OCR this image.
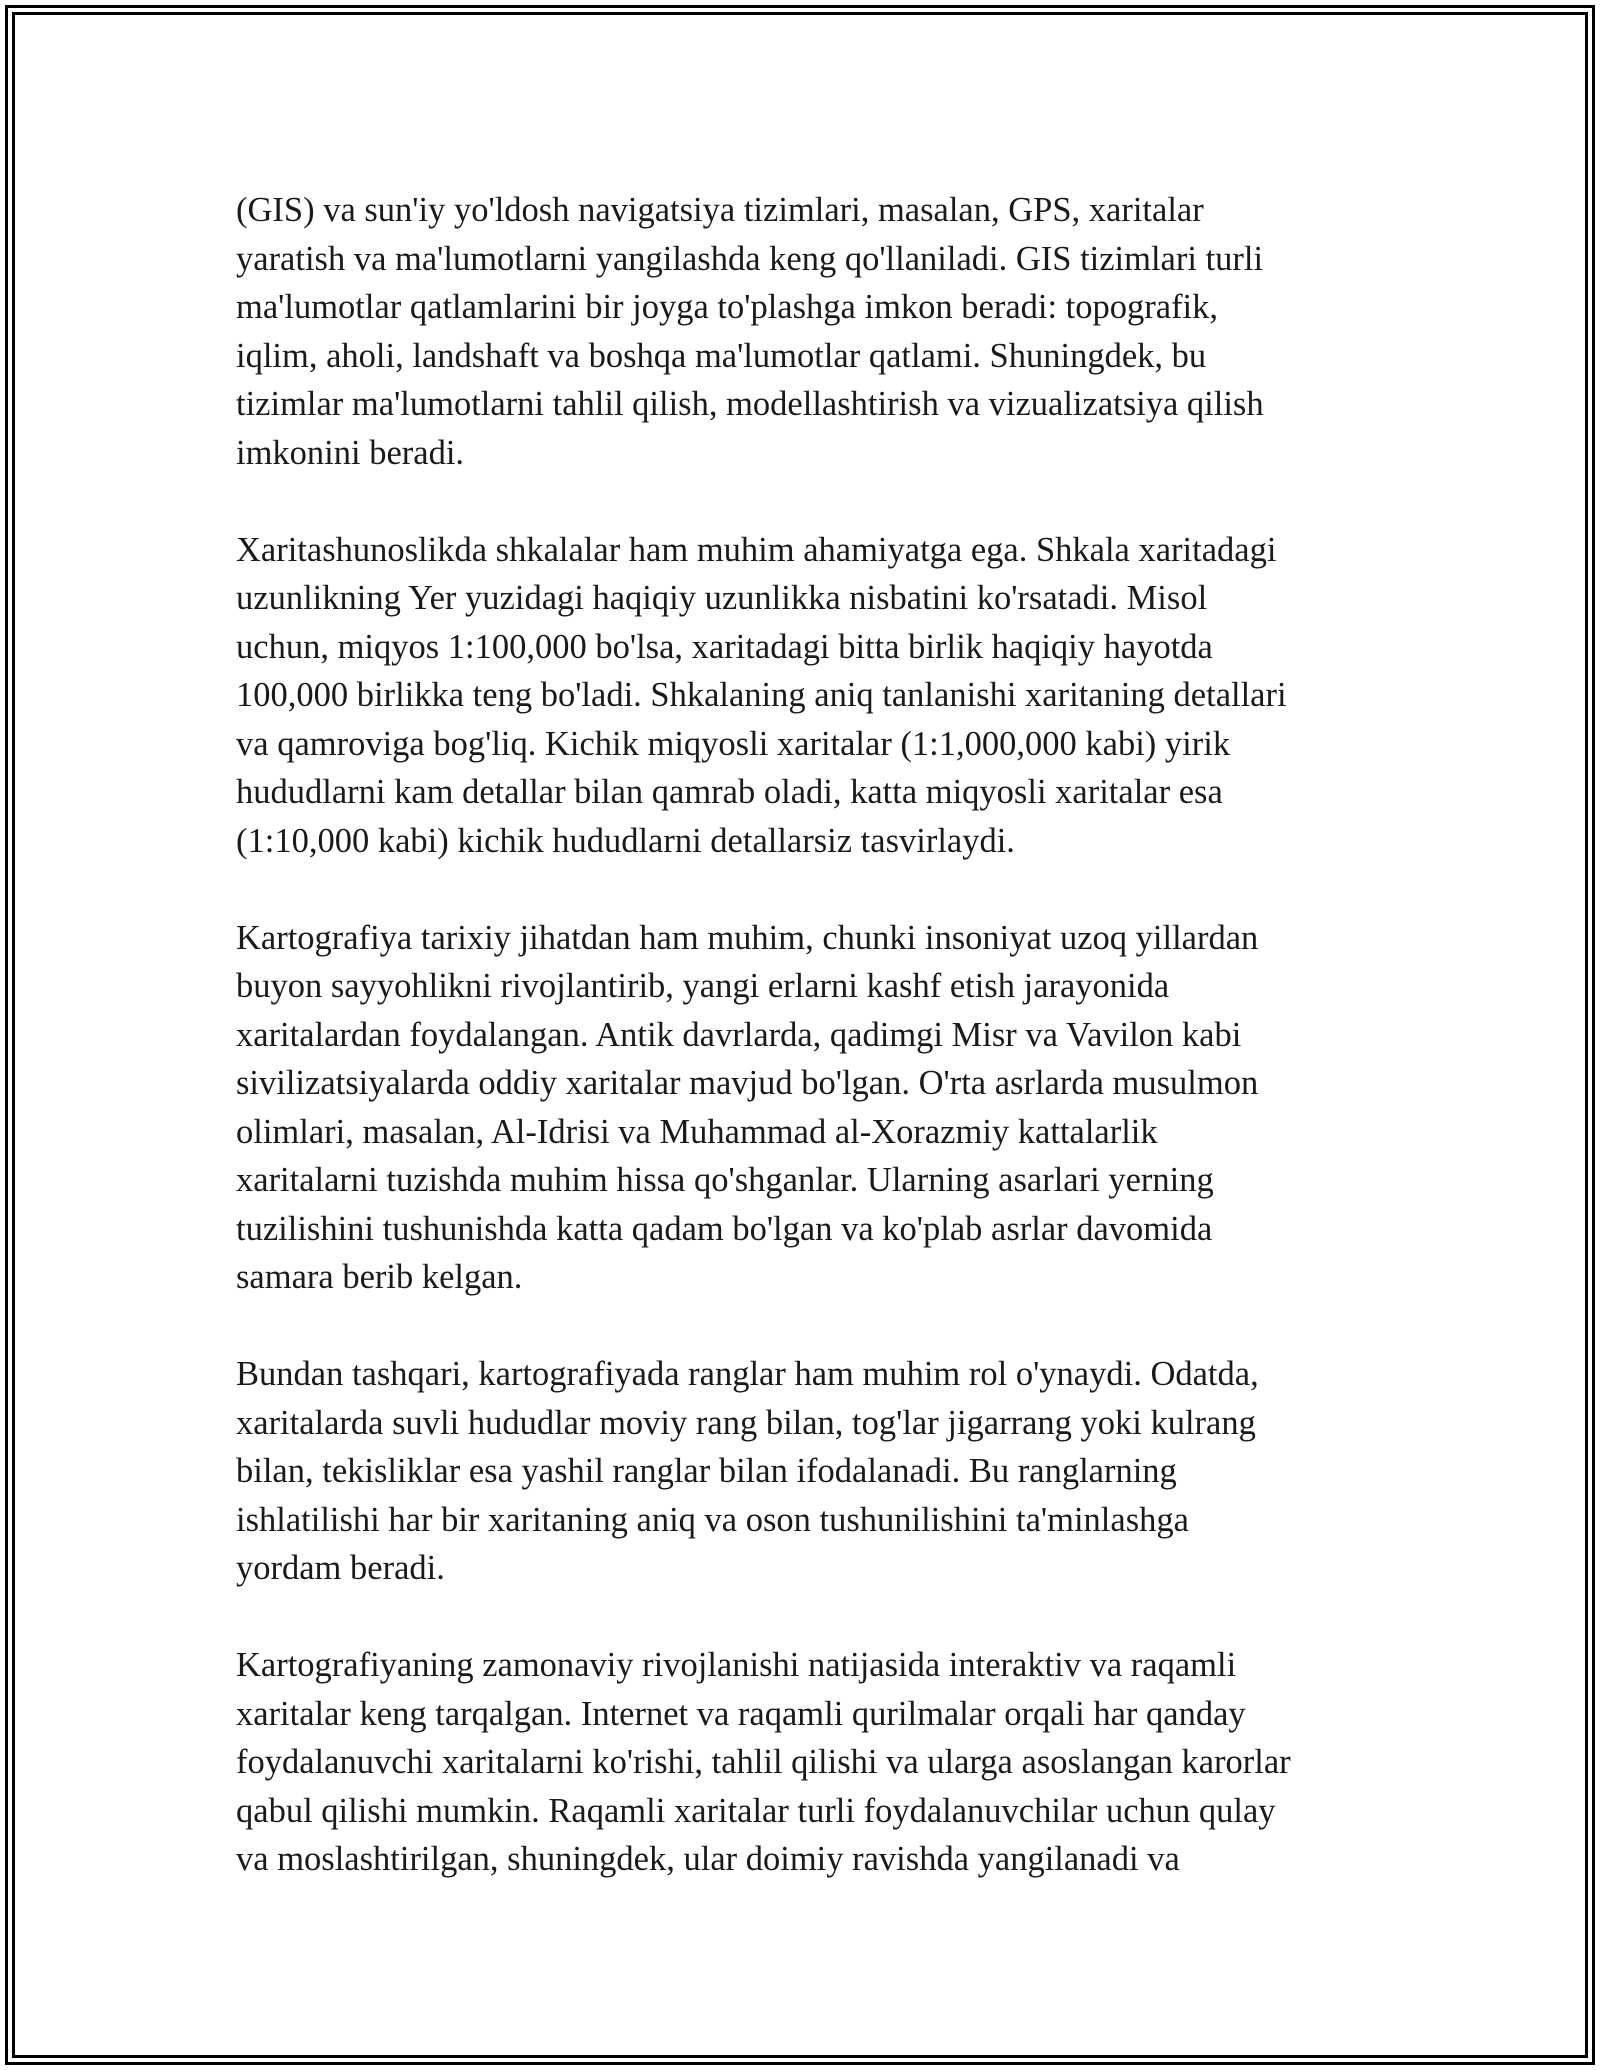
(GIS) va sun'iy yo'ldosh navigatsiya tizimlari, masalan, GPS, xaritalar
yaratish va ma'lumotlarni yangilashda keng qo'llaniladi. GIS tizimlari turli
ma'lumotlar qatlamlarini bir joyga to'plashga imkon beradi: topografik,
iqlim, aholi, landshaft va boshqa ma'lumotlar qatlami. Shuningdek, bu
tizimlar ma'lumotlarni tahlil qilish, modellashtirish va vizualizatsiya qilish
imkonini beradi.

Xaritashunoslikda shkalalar ham muhim ahamiyatga ega. Shkala xaritadagi
uzunlikning Yer yuzidagi haqiqiy uzunlikka nisbatini ko'rsatadi. Misol
uchun, miqyos 1:100,000 bo'lsa, xaritadagi bitta birlik haqiqiy hayotda
100,000 birlikka teng bo'ladi. Shkalaning aniq tanlanishi xaritaning detallari
va qamroviga bog'liq. Kichik miqyosli xaritalar (1:1,000,000 kabi) yirik
hududlarni kam detallar bilan qamrab oladi, katta miqyosli xaritalar esa
(1:10,000 kabi) kichik hududlarni detallarsiz tasvirlaydi.

Kartografiya tarixiy jihatdan ham muhim, chunki insoniyat uzoq yillardan
buyon sayyohlikni rivojlantirib, yangi erlarni kashf etish jarayonida
xaritalardan foydalangan. Antik davrlarda, qadimgi Misr va Vavilon kabi
sivilizatsiyalarda oddiy xaritalar mavjud bo'lgan. O'rta asrlarda musulmon
olimlari, masalan, Al-Idrisi va Muhammad al-Xorazmiy kattalarlik
xaritalarni tuzishda muhim hissa qo'shganlar. Ularning asarlari yerning
tuzilishini tushunishda katta qadam bo'lgan va ko'plab asrlar davomida
samara berib kelgan.

Bundan tashqari, kartografiyada ranglar ham muhim rol o'ynaydi. Odatda,
xaritalarda suvli hududlar moviy rang bilan, tog'lar jigarrang yoki kulrang
bilan, tekisliklar esa yashil ranglar bilan ifodalanadi. Bu ranglarning
ishlatilishi har bir xaritaning aniq va oson tushunilishini ta'minlashga
yordam beradi.

Kartografiyaning zamonaviy rivojlanishi natijasida interaktiv va raqamli
xaritalar keng tarqalgan. Internet va raqamli qurilmalar orqali har qanday
foydalanuvchi xaritalarni ko'rishi, tahlil qilishi va ularga asoslangan karorlar
qabul qilishi mumkin. Raqamli xaritalar turli foydalanuvchilar uchun qulay
va moslashtirilgan, shuningdek, ular doimiy ravishda yangilanadi va
